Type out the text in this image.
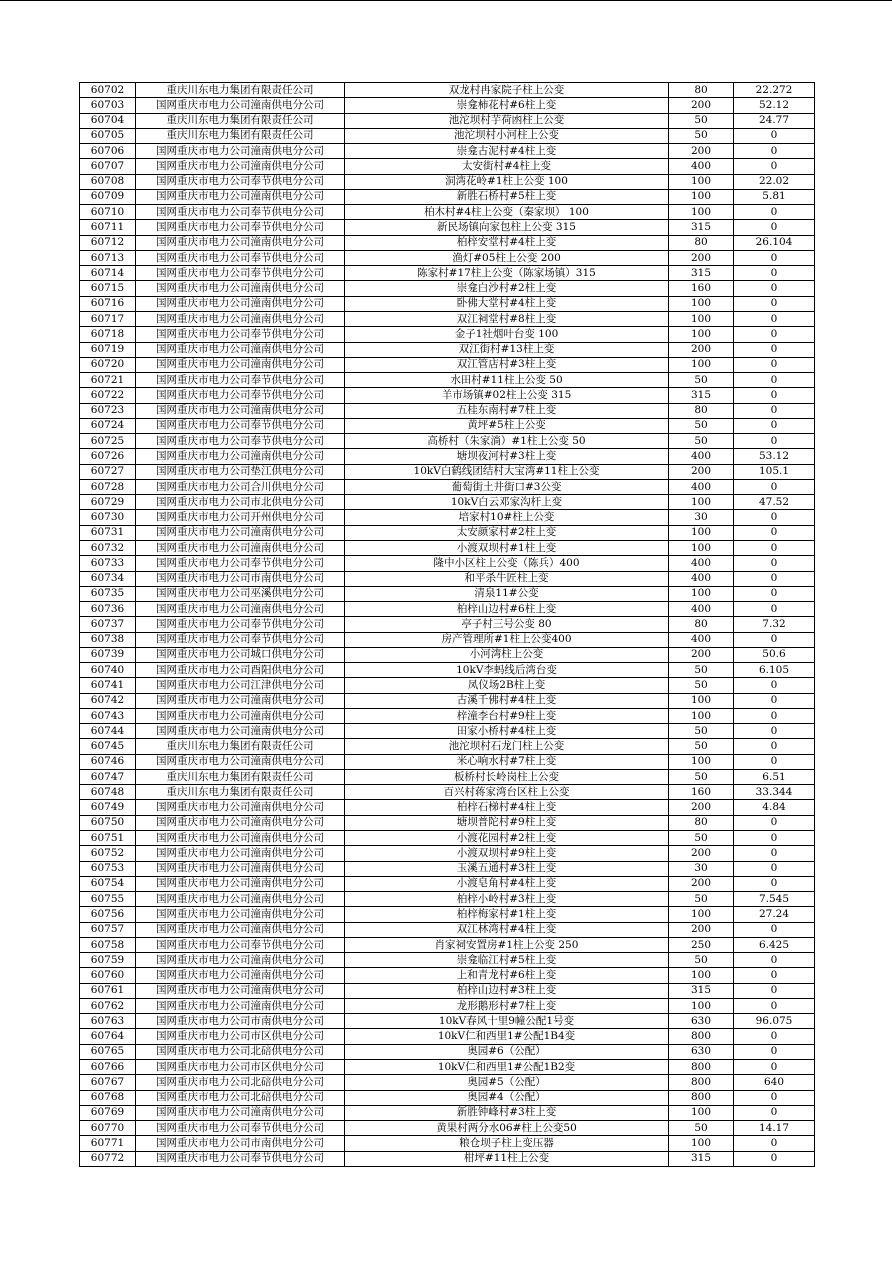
60702	重庆川东电力集团有限责任公司	双龙村冉家院子柱上公变	80	22.272
60703	国网重庆市电力公司潼南供电分公司	崇龛柿花村#6柱上变	200	52.12
60704	重庆川东电力集团有限责任公司	池沱坝村芋荷凼柱上公变	50	24.77
60705	重庆川东电力集团有限责任公司	池沱坝村小河柱上公变	50	0
60706	国网重庆市电力公司潼南供电分公司	崇龛古泥村#4柱上变	200	0
60707	国网重庆市电力公司潼南供电分公司	太安街村#4柱上变	400	0
60708	国网重庆市电力公司奉节供电分公司	洞湾花岭#1柱上公变 100	100	22.02
60709	国网重庆市电力公司潼南供电分公司	新胜石桥村#5柱上变	100	5.81
60710	国网重庆市电力公司奉节供电分公司	柏木村#4柱上公变（秦家坝） 100	100	0
60711	国网重庆市电力公司奉节供电分公司	新民场镇向家包柱上公变 315	315	0
60712	国网重庆市电力公司潼南供电分公司	柏梓安堂村#4柱上变	80	26.104
60713	国网重庆市电力公司奉节供电分公司	渔灯#05柱上公变 200	200	0
60714	国网重庆市电力公司奉节供电分公司	陈家村#17柱上公变（陈家场镇）315	315	0
60715	国网重庆市电力公司潼南供电分公司	崇龛白沙村#2柱上变	160	0
60716	国网重庆市电力公司潼南供电分公司	卧佛大堂村#4柱上变	100	0
60717	国网重庆市电力公司潼南供电分公司	双江祠堂村#8柱上变	100	0
60718	国网重庆市电力公司奉节供电分公司	金子1社烟叶台变 100	100	0
60719	国网重庆市电力公司潼南供电分公司	双江街村#13柱上变	200	0
60720	国网重庆市电力公司潼南供电分公司	双江管店村#3柱上变	100	0
60721	国网重庆市电力公司奉节供电分公司	水田村#11柱上公变 50	50	0
60722	国网重庆市电力公司奉节供电分公司	羊市场镇#02柱上公变 315	315	0
60723	国网重庆市电力公司潼南供电分公司	五桂东南村#7柱上变	80	0
60724	国网重庆市电力公司奉节供电分公司	黄坪#5柱上公变	50	0
60725	国网重庆市电力公司奉节供电分公司	高桥村（朱家淌）#1柱上公变 50	50	0
60726	国网重庆市电力公司潼南供电分公司	塘坝夜河村#3柱上变	400	53.12
60727	国网重庆市电力公司垫江供电分公司	10kV白鹤线团结村大宝湾#11柱上公变	200	105.1
60728	国网重庆市电力公司合川供电分公司	葡萄街土井街口#3公变	400	0
60729	国网重庆市电力公司市北供电分公司	10kV白云邓家沟杆上变	100	47.52
60730	国网重庆市电力公司开州供电分公司	培家村10#柱上公变	30	0
60731	国网重庆市电力公司潼南供电分公司	太安颜家村#2柱上变	100	0
60732	国网重庆市电力公司潼南供电分公司	小渡双坝村#1柱上变	100	0
60733	国网重庆市电力公司奉节供电分公司	隆中小区柱上公变（陈兵）400	400	0
60734	国网重庆市电力公司市南供电分公司	和平杀牛匠柱上变	400	0
60735	国网重庆市电力公司巫溪供电分公司	清泉11#公变	100	0
60736	国网重庆市电力公司潼南供电分公司	柏梓山边村#6柱上变	400	0
60737	国网重庆市电力公司奉节供电分公司	亭子村三号公变 80	80	7.32
60738	国网重庆市电力公司奉节供电分公司	房产管理所#1柱上公变400	400	0
60739	国网重庆市电力公司城口供电分公司	小河湾柱上公变	200	50.6
60740	国网重庆市电力公司酉阳供电分公司	10kV李蚂线后湾台变	50	6.105
60741	国网重庆市电力公司江津供电分公司	凤仪场2B柱上变	50	0
60742	国网重庆市电力公司潼南供电分公司	古溪千佛村#4柱上变	100	0
60743	国网重庆市电力公司潼南供电分公司	梓潼李台村#9柱上变	100	0
60744	国网重庆市电力公司潼南供电分公司	田家小桥村#4柱上变	50	0
60745	重庆川东电力集团有限责任公司	池沱坝村石龙门柱上公变	50	0
60746	国网重庆市电力公司潼南供电分公司	米心响水村#7柱上变	100	0
60747	重庆川东电力集团有限责任公司	板桥村长岭岗柱上公变	50	6.51
60748	重庆川东电力集团有限责任公司	百兴村蒋家湾台区柱上公变	160	33.344
60749	国网重庆市电力公司潼南供电分公司	柏梓石梯村#4柱上变	200	4.84
60750	国网重庆市电力公司潼南供电分公司	塘坝普陀村#9柱上变	80	0
60751	国网重庆市电力公司潼南供电分公司	小渡花园村#2柱上变	50	0
60752	国网重庆市电力公司潼南供电分公司	小渡双坝村#9柱上变	200	0
60753	国网重庆市电力公司潼南供电分公司	玉溪五通村#3柱上变	30	0
60754	国网重庆市电力公司潼南供电分公司	小渡皂角村#4柱上变	200	0
60755	国网重庆市电力公司潼南供电分公司	柏梓小岭村#3柱上变	50	7.545
60756	国网重庆市电力公司潼南供电分公司	柏梓梅家村#1柱上变	100	27.24
60757	国网重庆市电力公司潼南供电分公司	双江林湾村#4柱上变	200	0
60758	国网重庆市电力公司奉节供电分公司	肖家祠安置房#1柱上公变 250	250	6.425
60759	国网重庆市电力公司潼南供电分公司	崇龛临江村#5柱上变	50	0
60760	国网重庆市电力公司潼南供电分公司	上和青龙村#6柱上变	100	0
60761	国网重庆市电力公司潼南供电分公司	柏梓山边村#3柱上变	315	0
60762	国网重庆市电力公司潼南供电分公司	龙形鹅形村#7柱上变	100	0
60763	国网重庆市电力公司市南供电分公司	10kV春风十里9幢公配1号变	630	96.075
60764	国网重庆市电力公司市区供电分公司	10kV仁和西里1#公配1B4变	800	0
60765	国网重庆市电力公司北碚供电分公司	奥园#6（公配）	630	0
60766	国网重庆市电力公司市区供电分公司	10kV仁和西里1#公配1B2变	800	0
60767	国网重庆市电力公司北碚供电分公司	奥园#5（公配）	800	640
60768	国网重庆市电力公司北碚供电分公司	奥园#4（公配）	800	0
60769	国网重庆市电力公司潼南供电分公司	新胜钟峰村#3柱上变	100	0
60770	国网重庆市电力公司奉节供电分公司	黄果村两分水06#柱上公变50	50	14.17
60771	国网重庆市电力公司市南供电分公司	粮仓坝子柱上变压器	100	0
60772	国网重庆市电力公司奉节供电分公司	柑坪#11柱上公变	315	0
